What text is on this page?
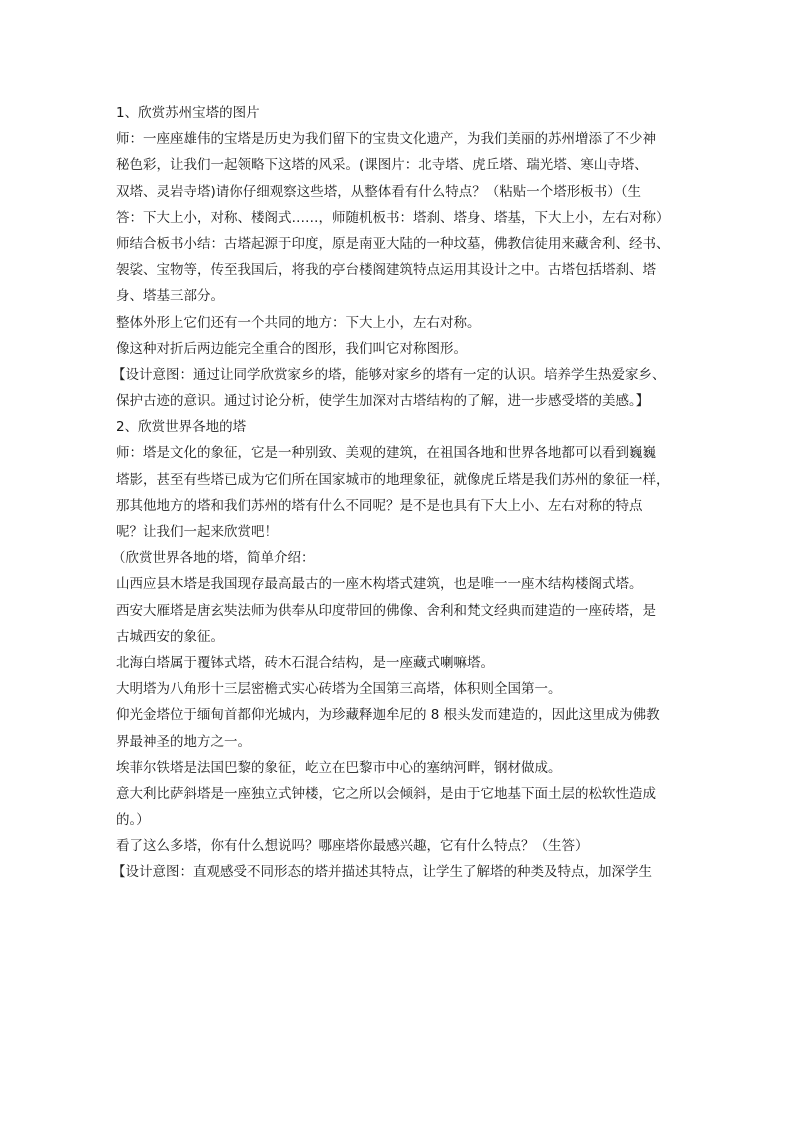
1、欣赏苏州宝塔的图片
师：一座座雄伟的宝塔是历史为我们留下的宝贵文化遗产，为我们美丽的苏州增添了不少神
秘色彩，让我们一起领略下这塔的风采。(课图片：北寺塔、虎丘塔、瑞光塔、寒山寺塔、
双塔、灵岩寺塔)请你仔细观察这些塔，从整体看有什么特点？（粘贴一个塔形板书）（生
答：下大上小，对称、楼阁式……，师随机板书：塔刹、塔身、塔基，下大上小，左右对称）
师结合板书小结：古塔起源于印度，原是南亚大陆的一种坟墓，佛教信徒用来藏舍利、经书、
袈裟、宝物等，传至我国后，将我的亭台楼阁建筑特点运用其设计之中。古塔包括塔刹、塔
身、塔基三部分。
整体外形上它们还有一个共同的地方：下大上小，左右对称。
像这种对折后两边能完全重合的图形，我们叫它对称图形。
【设计意图：通过让同学欣赏家乡的塔，能够对家乡的塔有一定的认识。培养学生热爱家乡、
保护古迹的意识。通过讨论分析，使学生加深对古塔结构的了解，进一步感受塔的美感。】
2、欣赏世界各地的塔
师：塔是文化的象征，它是一种别致、美观的建筑，在祖国各地和世界各地都可以看到巍巍
塔影，甚至有些塔已成为它们所在国家城市的地理象征，就像虎丘塔是我们苏州的象征一样，
那其他地方的塔和我们苏州的塔有什么不同呢？是不是也具有下大上小、左右对称的特点
呢？让我们一起来欣赏吧！
（欣赏世界各地的塔，简单介绍：
山西应县木塔是我国现存最高最古的一座木构塔式建筑，也是唯一一座木结构楼阁式塔。
西安大雁塔是唐玄奘法师为供奉从印度带回的佛像、舍利和梵文经典而建造的一座砖塔，是
古城西安的象征。
北海白塔属于覆钵式塔，砖木石混合结构，是一座藏式喇嘛塔。
大明塔为八角形十三层密檐式实心砖塔为全国第三高塔，体积则全国第一。
仰光金塔位于缅甸首都仰光城内，为珍藏释迦牟尼的 8 根头发而建造的，因此这里成为佛教
界最神圣的地方之一。
埃菲尔铁塔是法国巴黎的象征，屹立在巴黎市中心的塞纳河畔，钢材做成。
意大利比萨斜塔是一座独立式钟楼，它之所以会倾斜，是由于它地基下面土层的松软性造成
的。）
看了这么多塔，你有什么想说吗？哪座塔你最感兴趣，它有什么特点？（生答）
【设计意图：直观感受不同形态的塔并描述其特点，让学生了解塔的种类及特点，加深学生
